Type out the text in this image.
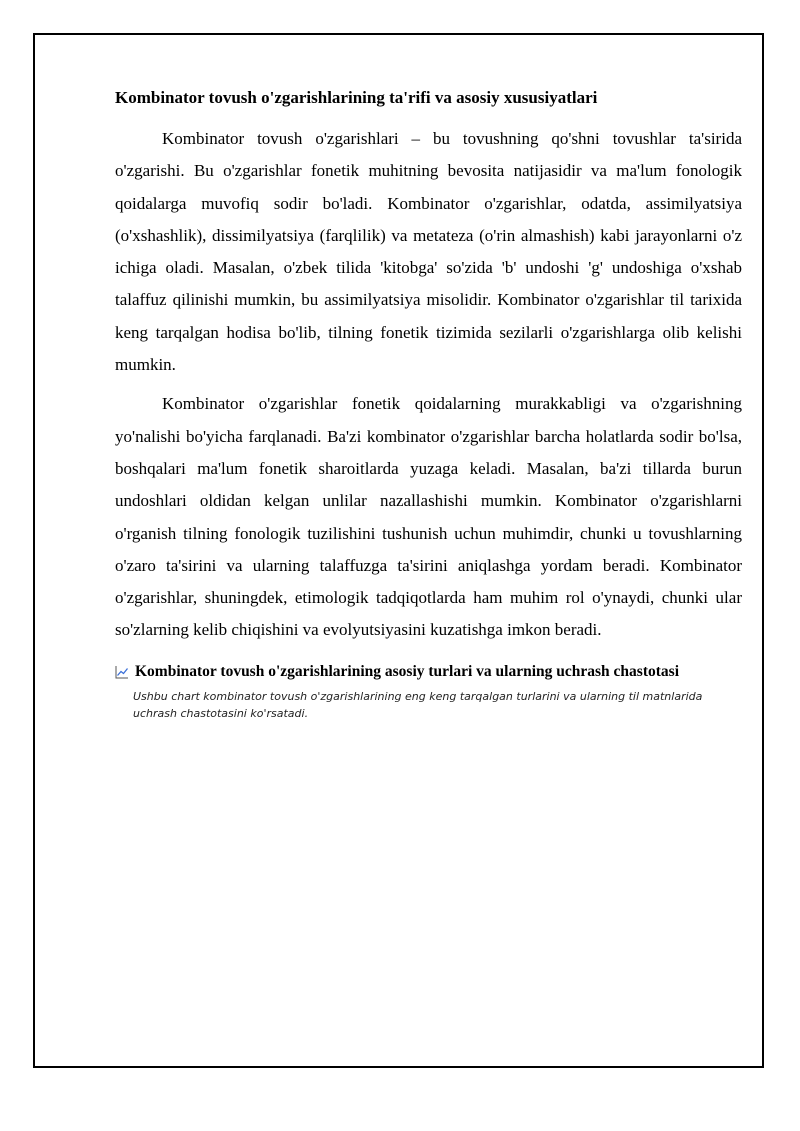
Kombinator tovush o'zgarishlarining ta'rifi va asosiy xususiyatlari

Kombinator tovush o'zgarishlari – bu tovushning qo'shni tovushlar ta'sirida o'zgarishi. Bu o'zgarishlar fonetik muhitning bevosita natijasidir va ma'lum fonologik qoidalarga muvofiq sodir bo'ladi. Kombinator o'zgarishlar, odatda, assimilyatsiya (o'xshashlik), dissimilyatsiya (farqlilik) va metateza (o'rin almashish) kabi jarayonlarni o'z ichiga oladi. Masalan, o'zbek tilida 'kitobga' so'zida 'b' undoshi 'g' undoshiga o'xshab talaffuz qilinishi mumkin, bu assimilyatsiya misolidir. Kombinator o'zgarishlar til tarixida keng tarqalgan hodisa bo'lib, tilning fonetik tizimida sezilarli o'zgarishlarga olib kelishi mumkin.

Kombinator o'zgarishlar fonetik qoidalarning murakkabligi va o'zgarishning yo'nalishi bo'yicha farqlanadi. Ba'zi kombinator o'zgarishlar barcha holatlarda sodir bo'lsa, boshqalari ma'lum fonetik sharoitlarda yuzaga keladi. Masalan, ba'zi tillarda burun undoshlari oldidan kelgan unlilar nazallashishi mumkin. Kombinator o'zgarishlarni o'rganish tilning fonologik tuzilishini tushunish uchun muhimdir, chunki u tovushlarning o'zaro ta'sirini va ularning talaffuzga ta'sirini aniqlashga yordam beradi. Kombinator o'zgarishlar, shuningdek, etimologik tadqiqotlarda ham muhim rol o'ynaydi, chunki ular so'zlarning kelib chiqishini va evolyutsiyasini kuzatishga imkon beradi.

Kombinator tovush o'zgarishlarining asosiy turlari va ularning uchrash chastotasi
Ushbu chart kombinator tovush o'zgarishlarining eng keng tarqalgan turlarini va ularning til matnlarida uchrash chastotasini ko'rsatadi.
